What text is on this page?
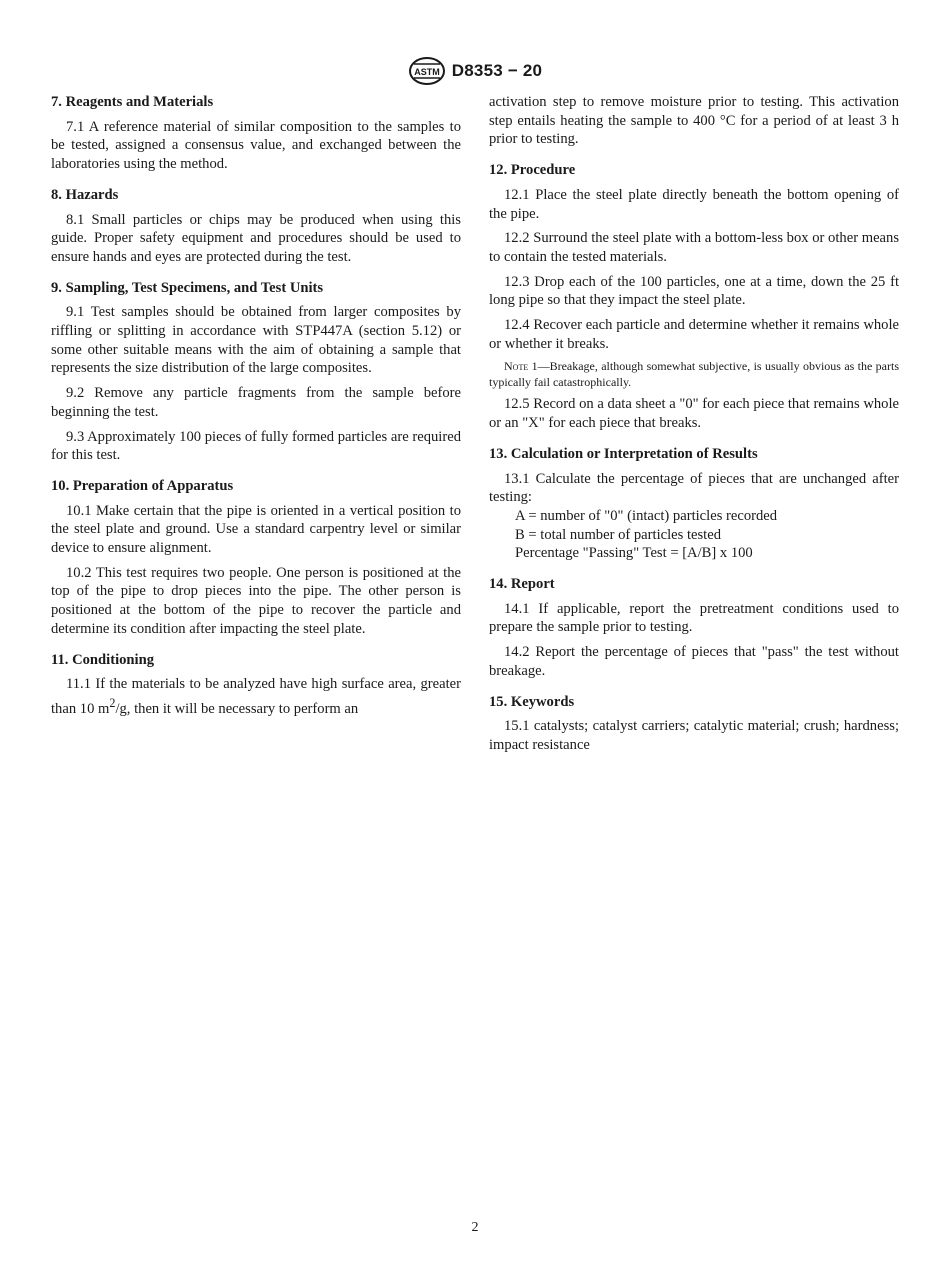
ASTM D8353 − 20
7. Reagents and Materials

7.1 A reference material of similar composition to the samples to be tested, assigned a consensus value, and exchanged between the laboratories using the method.

8. Hazards

8.1 Small particles or chips may be produced when using this guide. Proper safety equipment and procedures should be used to ensure hands and eyes are protected during the test.

9. Sampling, Test Specimens, and Test Units

9.1 Test samples should be obtained from larger composites by riffling or splitting in accordance with STP447A (section 5.12) or some other suitable means with the aim of obtaining a sample that represents the size distribution of the large composites.

9.2 Remove any particle fragments from the sample before beginning the test.

9.3 Approximately 100 pieces of fully formed particles are required for this test.

10. Preparation of Apparatus

10.1 Make certain that the pipe is oriented in a vertical position to the steel plate and ground. Use a standard carpentry level or similar device to ensure alignment.

10.2 This test requires two people. One person is positioned at the top of the pipe to drop pieces into the pipe. The other person is positioned at the bottom of the pipe to recover the particle and determine its condition after impacting the steel plate.

11. Conditioning

11.1 If the materials to be analyzed have high surface area, greater than 10 $m^2/g$, then it will be necessary to perform an

activation step to remove moisture prior to testing. This activation step entails heating the sample to 400 °C for a period of at least 3 h prior to testing.

12. Procedure

12.1 Place the steel plate directly beneath the bottom opening of the pipe.

12.2 Surround the steel plate with a bottom-less box or other means to contain the tested materials.

12.3 Drop each of the 100 particles, one at a time, down the 25 ft long pipe so that they impact the steel plate.

12.4 Recover each particle and determine whether it remains whole or whether it breaks.

Note 1—Breakage, although somewhat subjective, is usually obvious as the parts typically fail catastrophically.

12.5 Record on a data sheet a "0" for each piece that remains whole or an "X" for each piece that breaks.

13. Calculation or Interpretation of Results

13.1 Calculate the percentage of pieces that are unchanged after testing:

A = number of "0" (intact) particles recorded
B = total number of particles tested
Percentage "Passing" Test = [A/B] x 100
14. Report

14.1 If applicable, report the pretreatment conditions used to prepare the sample prior to testing.

14.2 Report the percentage of pieces that "pass" the test without breakage.

15. Keywords

15.1 catalysts; catalyst carriers; catalytic material; crush; hardness; impact resistance

2
